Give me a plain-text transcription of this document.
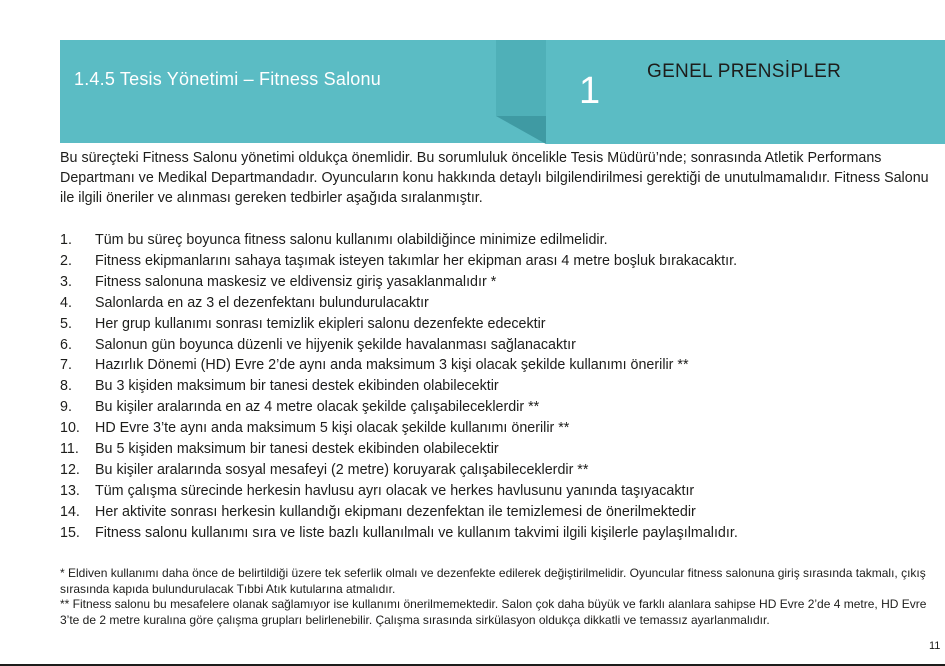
1.4.5 Tesis Yönetimi – Fitness Salonu	1 GENEL PRENSİPLER

Bu süreçteki Fitness Salonu yönetimi oldukça önemlidir. Bu sorumluluk öncelikle Tesis Müdürü’nde; sonrasında Atletik Performans Departmanı ve Medikal Departmandadır. Oyuncuların konu hakkında detaylı bilgilendirilmesi gerektiği de unutulmamalıdır. Fitness Salonu ile ilgili öneriler ve alınması gereken tedbirler aşağıda sıralanmıştır.

1.	Tüm bu süreç boyunca fitness salonu kullanımı olabildiğince minimize edilmelidir.
2.	Fitness ekipmanlarını sahaya taşımak isteyen takımlar her ekipman arası 4 metre boşluk bırakacaktır.
3.	Fitness salonuna maskesiz ve eldivensiz giriş yasaklanmalıdır *
4.	Salonlarda en az 3 el dezenfektanı bulundurulacaktır
5.	Her grup kullanımı sonrası temizlik ekipleri salonu dezenfekte edecektir
6.	Salonun gün boyunca düzenli ve hijyenik şekilde havalanması sağlanacaktır
7.	Hazırlık Dönemi (HD) Evre 2’de aynı anda maksimum 3 kişi olacak şekilde kullanımı önerilir **
8.	Bu 3 kişiden maksimum bir tanesi destek ekibinden olabilecektir
9.	Bu kişiler aralarında en az 4 metre olacak şekilde çalışabileceklerdir **
10.	HD Evre 3’te aynı anda maksimum 5 kişi olacak şekilde kullanımı önerilir **
11.	Bu 5 kişiden maksimum bir tanesi destek ekibinden olabilecektir
12.	Bu kişiler aralarında sosyal mesafeyi (2 metre) koruyarak çalışabileceklerdir **
13.	Tüm çalışma sürecinde herkesin havlusu ayrı olacak ve herkes havlusunu yanında taşıyacaktır
14.	Her aktivite sonrası herkesin kullandığı ekipmanı dezenfektan ile temizlemesi de önerilmektedir
15.	Fitness salonu kullanımı sıra ve liste bazlı kullanılmalı ve kullanım takvimi ilgili kişilerle paylaşılmalıdır.

* Eldiven kullanımı daha önce de belirtildiği üzere tek seferlik olmalı ve dezenfekte edilerek değiştirilmelidir. Oyuncular fitness salonuna giriş sırasında takmalı, çıkış sırasında kapıda bulundurulacak Tıbbi Atık kutularına atmalıdır.

** Fitness salonu bu mesafelere olanak sağlamıyor ise kullanımı önerilmemektedir. Salon çok daha büyük ve farklı alanlara sahipse HD Evre 2’de 4 metre, HD Evre 3’te de 2 metre kuralına göre çalışma grupları belirlenebilir. Çalışma sırasında sirkülasyon oldukça dikkatli ve temassız ayarlanmalıdır.

11
